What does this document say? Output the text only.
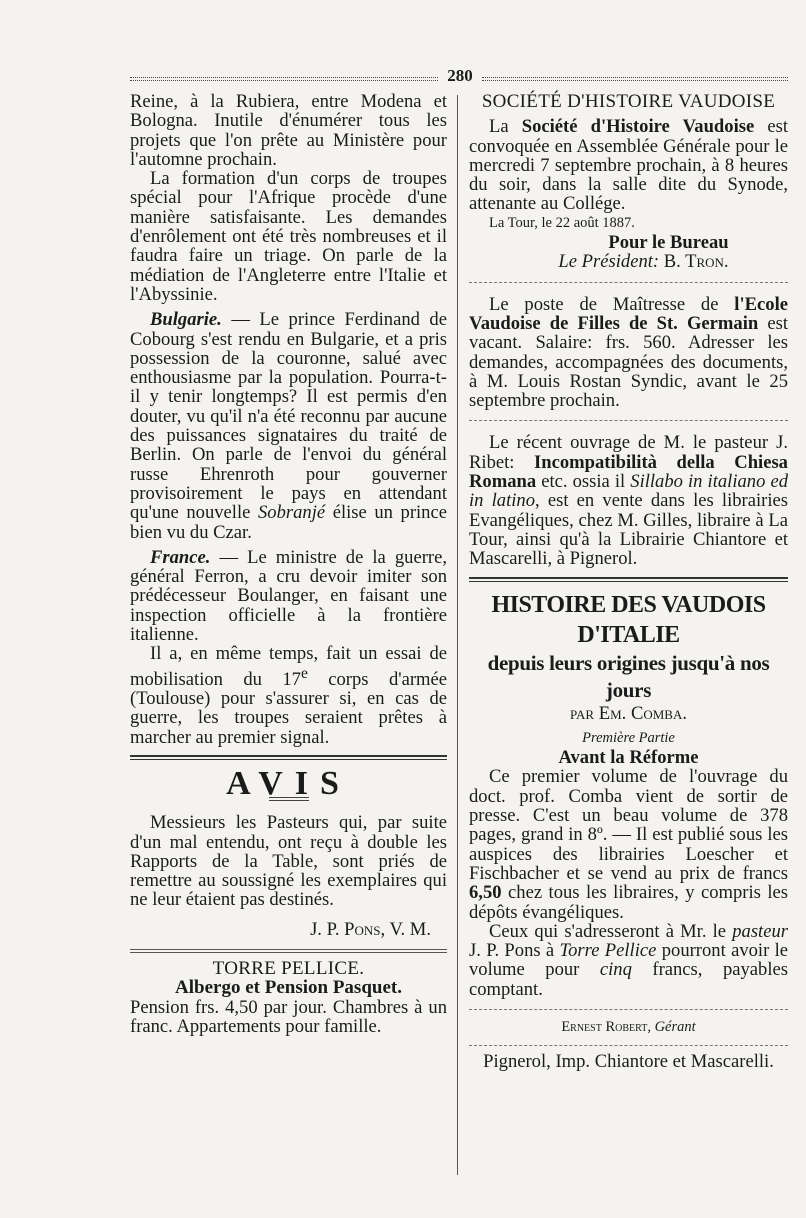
280

Reine, à la Rubiera, entre Modena et Bologna. Inutile d'énumérer tous les projets que l'on prête au Ministère pour l'automne prochain.

La formation d'un corps de troupes spécial pour l'Afrique procède d'une manière satisfaisante. Les demandes d'enrôlement ont été très nombreuses et il faudra faire un triage. On parle de la médiation de l'Angleterre entre l'Italie et l'Abyssinie.

Bulgarie. — Le prince Ferdinand de Cobourg s'est rendu en Bulgarie, et a pris possession de la couronne, salué avec enthousiasme par la population. Pourra-t-il y tenir longtemps? Il est permis d'en douter, vu qu'il n'a été reconnu par aucune des puissances signataires du traité de Berlin. On parle de l'envoi du général russe Ehrenroth pour gouverner provisoirement le pays en attendant qu'une nouvelle Sobranjé élise un prince bien vu du Czar.

France. — Le ministre de la guerre, général Ferron, a cru devoir imiter son prédécesseur Boulanger, en faisant une inspection officielle à la frontière italienne.

Il a, en même temps, fait un essai de mobilisation du 17e corps d'armée (Toulouse) pour s'assurer si, en cas de guerre, les troupes seraient prêtes à marcher au premier signal.

AVIS

Messieurs les Pasteurs qui, par suite d'un mal entendu, ont reçu à double les Rapports de la Table, sont priés de remettre au soussigné les exemplaires qui ne leur étaient pas destinés.

J. P. Pons, V. M.

TORRE PELLICE.

Albergo et Pension Pasquet.

Pension frs. 4,50 par jour. Chambres à un franc. Appartements pour famille.

SOCIÉTÉ D'HISTOIRE VAUDOISE

La Société d'Histoire Vaudoise est convoquée en Assemblée Générale pour le mercredi 7 septembre prochain, à 8 heures du soir, dans la salle dite du Synode, attenante au Collége.

La Tour, le 22 août 1887.

Pour le Bureau

Le Président: B. Tron.

Le poste de Maîtresse de l'Ecole Vaudoise de Filles de St. Germain est vacant. Salaire: frs. 560. Adresser les demandes, accompagnées des documents, à M. Louis Rostan Syndic, avant le 25 septembre prochain.

Le récent ouvrage de M. le pasteur J. Ribet: Incompatibilità della Chiesa Romana etc. ossia il Sillabo in italiano ed in latino, est en vente dans les librairies Evangéliques, chez M. Gilles, libraire à La Tour, ainsi qu'à la Librairie Chiantore et Mascarelli, à Pignerol.

HISTOIRE DES VAUDOIS D'ITALIE

depuis leurs origines jusqu'à nos jours

par Em. Comba.

Première Partie

Avant la Réforme

Ce premier volume de l'ouvrage du doct. prof. Comba vient de sortir de presse. C'est un beau volume de 378 pages, grand in 8º. — Il est publié sous les auspices des librairies Loescher et Fischbacher et se vend au prix de francs 6,50 chez tous les libraires, y compris les dépôts évangéliques.

Ceux qui s'adresseront à Mr. le pasteur J. P. Pons à Torre Pellice pourront avoir le volume pour cinq francs, payables comptant.

Ernest Robert, Gérant

Pignerol, Imp. Chiantore et Mascarelli.
